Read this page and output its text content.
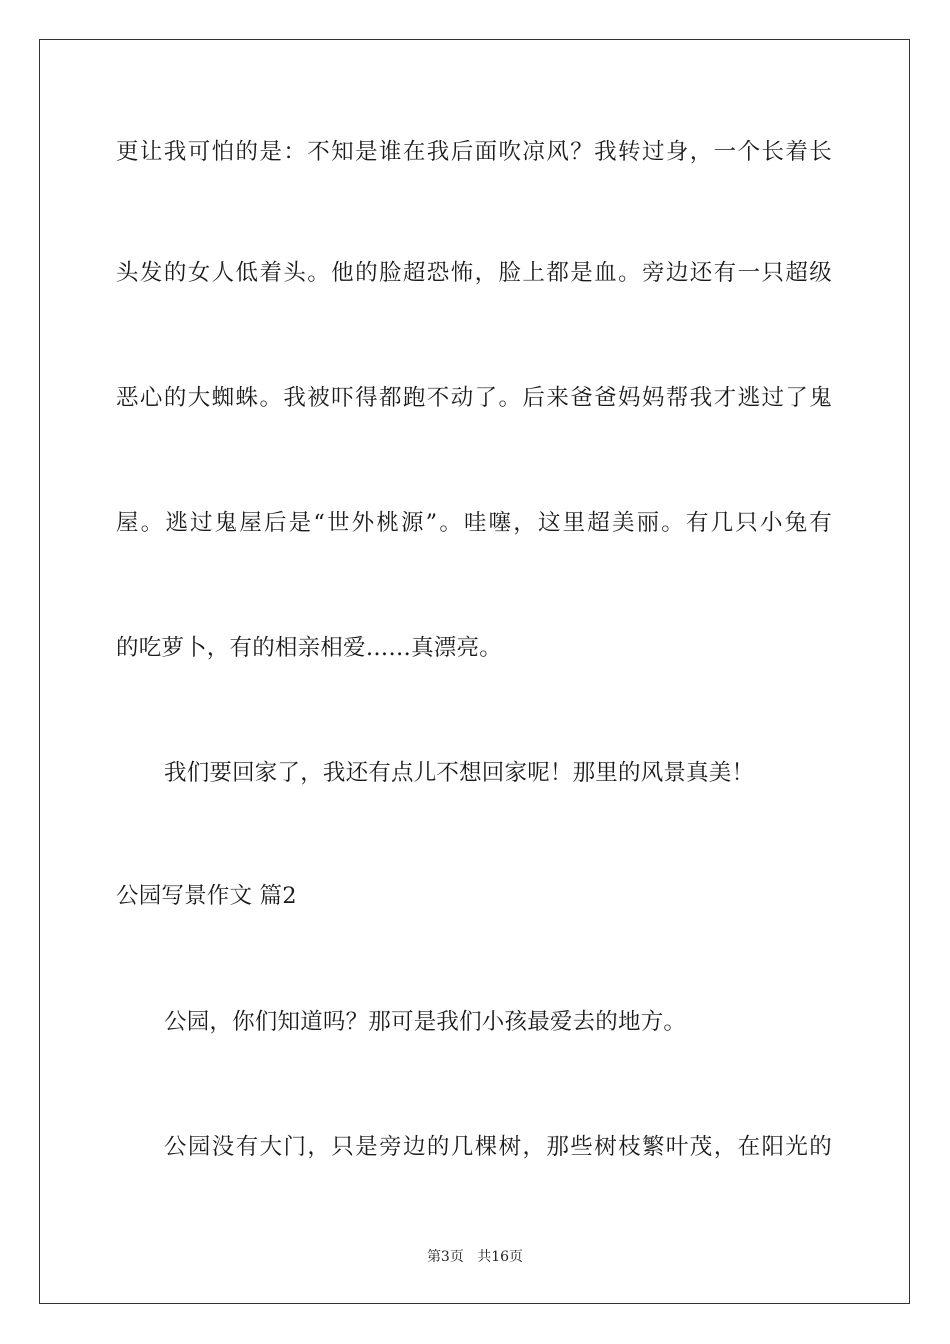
更让我可怕的是：不知是谁在我后面吹凉风？我转过身，一个长着长
头发的女人低着头。他的脸超恐怖，脸上都是血。旁边还有一只超级
恶心的大蜘蛛。我被吓得都跑不动了。后来爸爸妈妈帮我才逃过了鬼
屋。逃过鬼屋后是“世外桃源”。哇噻，这里超美丽。有几只小兔有
的吃萝卜，有的相亲相爱……真漂亮。
我们要回家了，我还有点儿不想回家呢！那里的风景真美！
公园写景作文 篇2
公园，你们知道吗？那可是我们小孩最爱去的地方。
公园没有大门，只是旁边的几棵树，那些树枝繁叶茂，在阳光的
第3页 共16页
